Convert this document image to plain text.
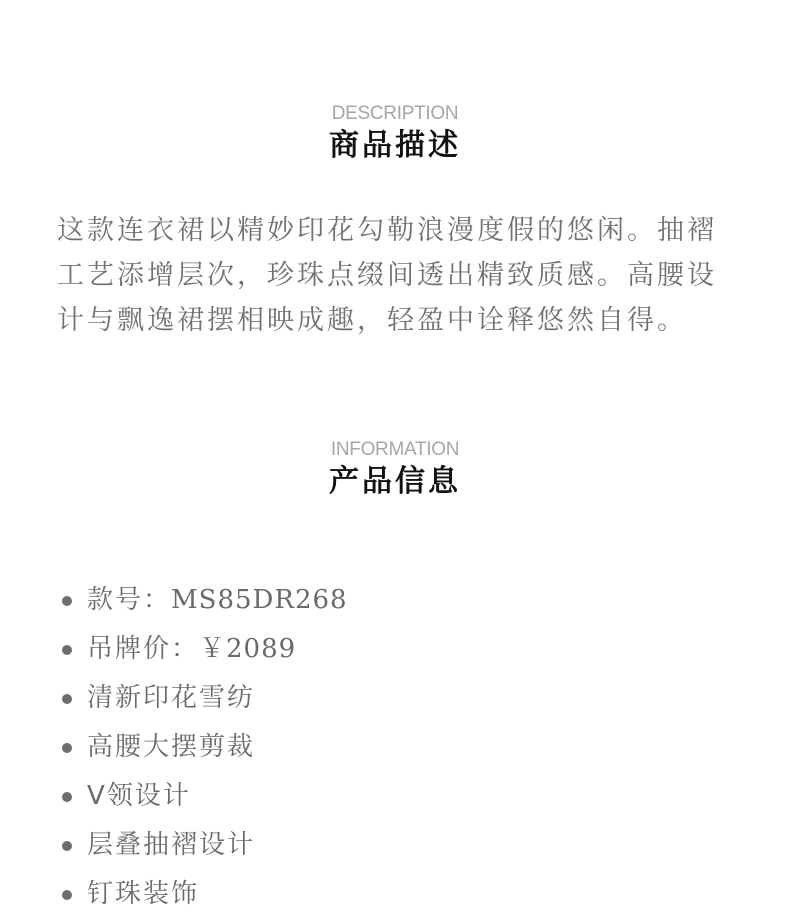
DESCRIPTION
商品描述

这款连衣裙以精妙印花勾勒浪漫度假的悠闲。抽褶工艺添增层次，珍珠点缀间透出精致质感。高腰设计与飘逸裙摆相映成趣，轻盈中诠释悠然自得。

INFORMATION
产品信息
款号：MS85DR268
吊牌价：￥2089
清新印花雪纺
高腰大摆剪裁
V领设计
层叠抽褶设计
钉珠装饰
